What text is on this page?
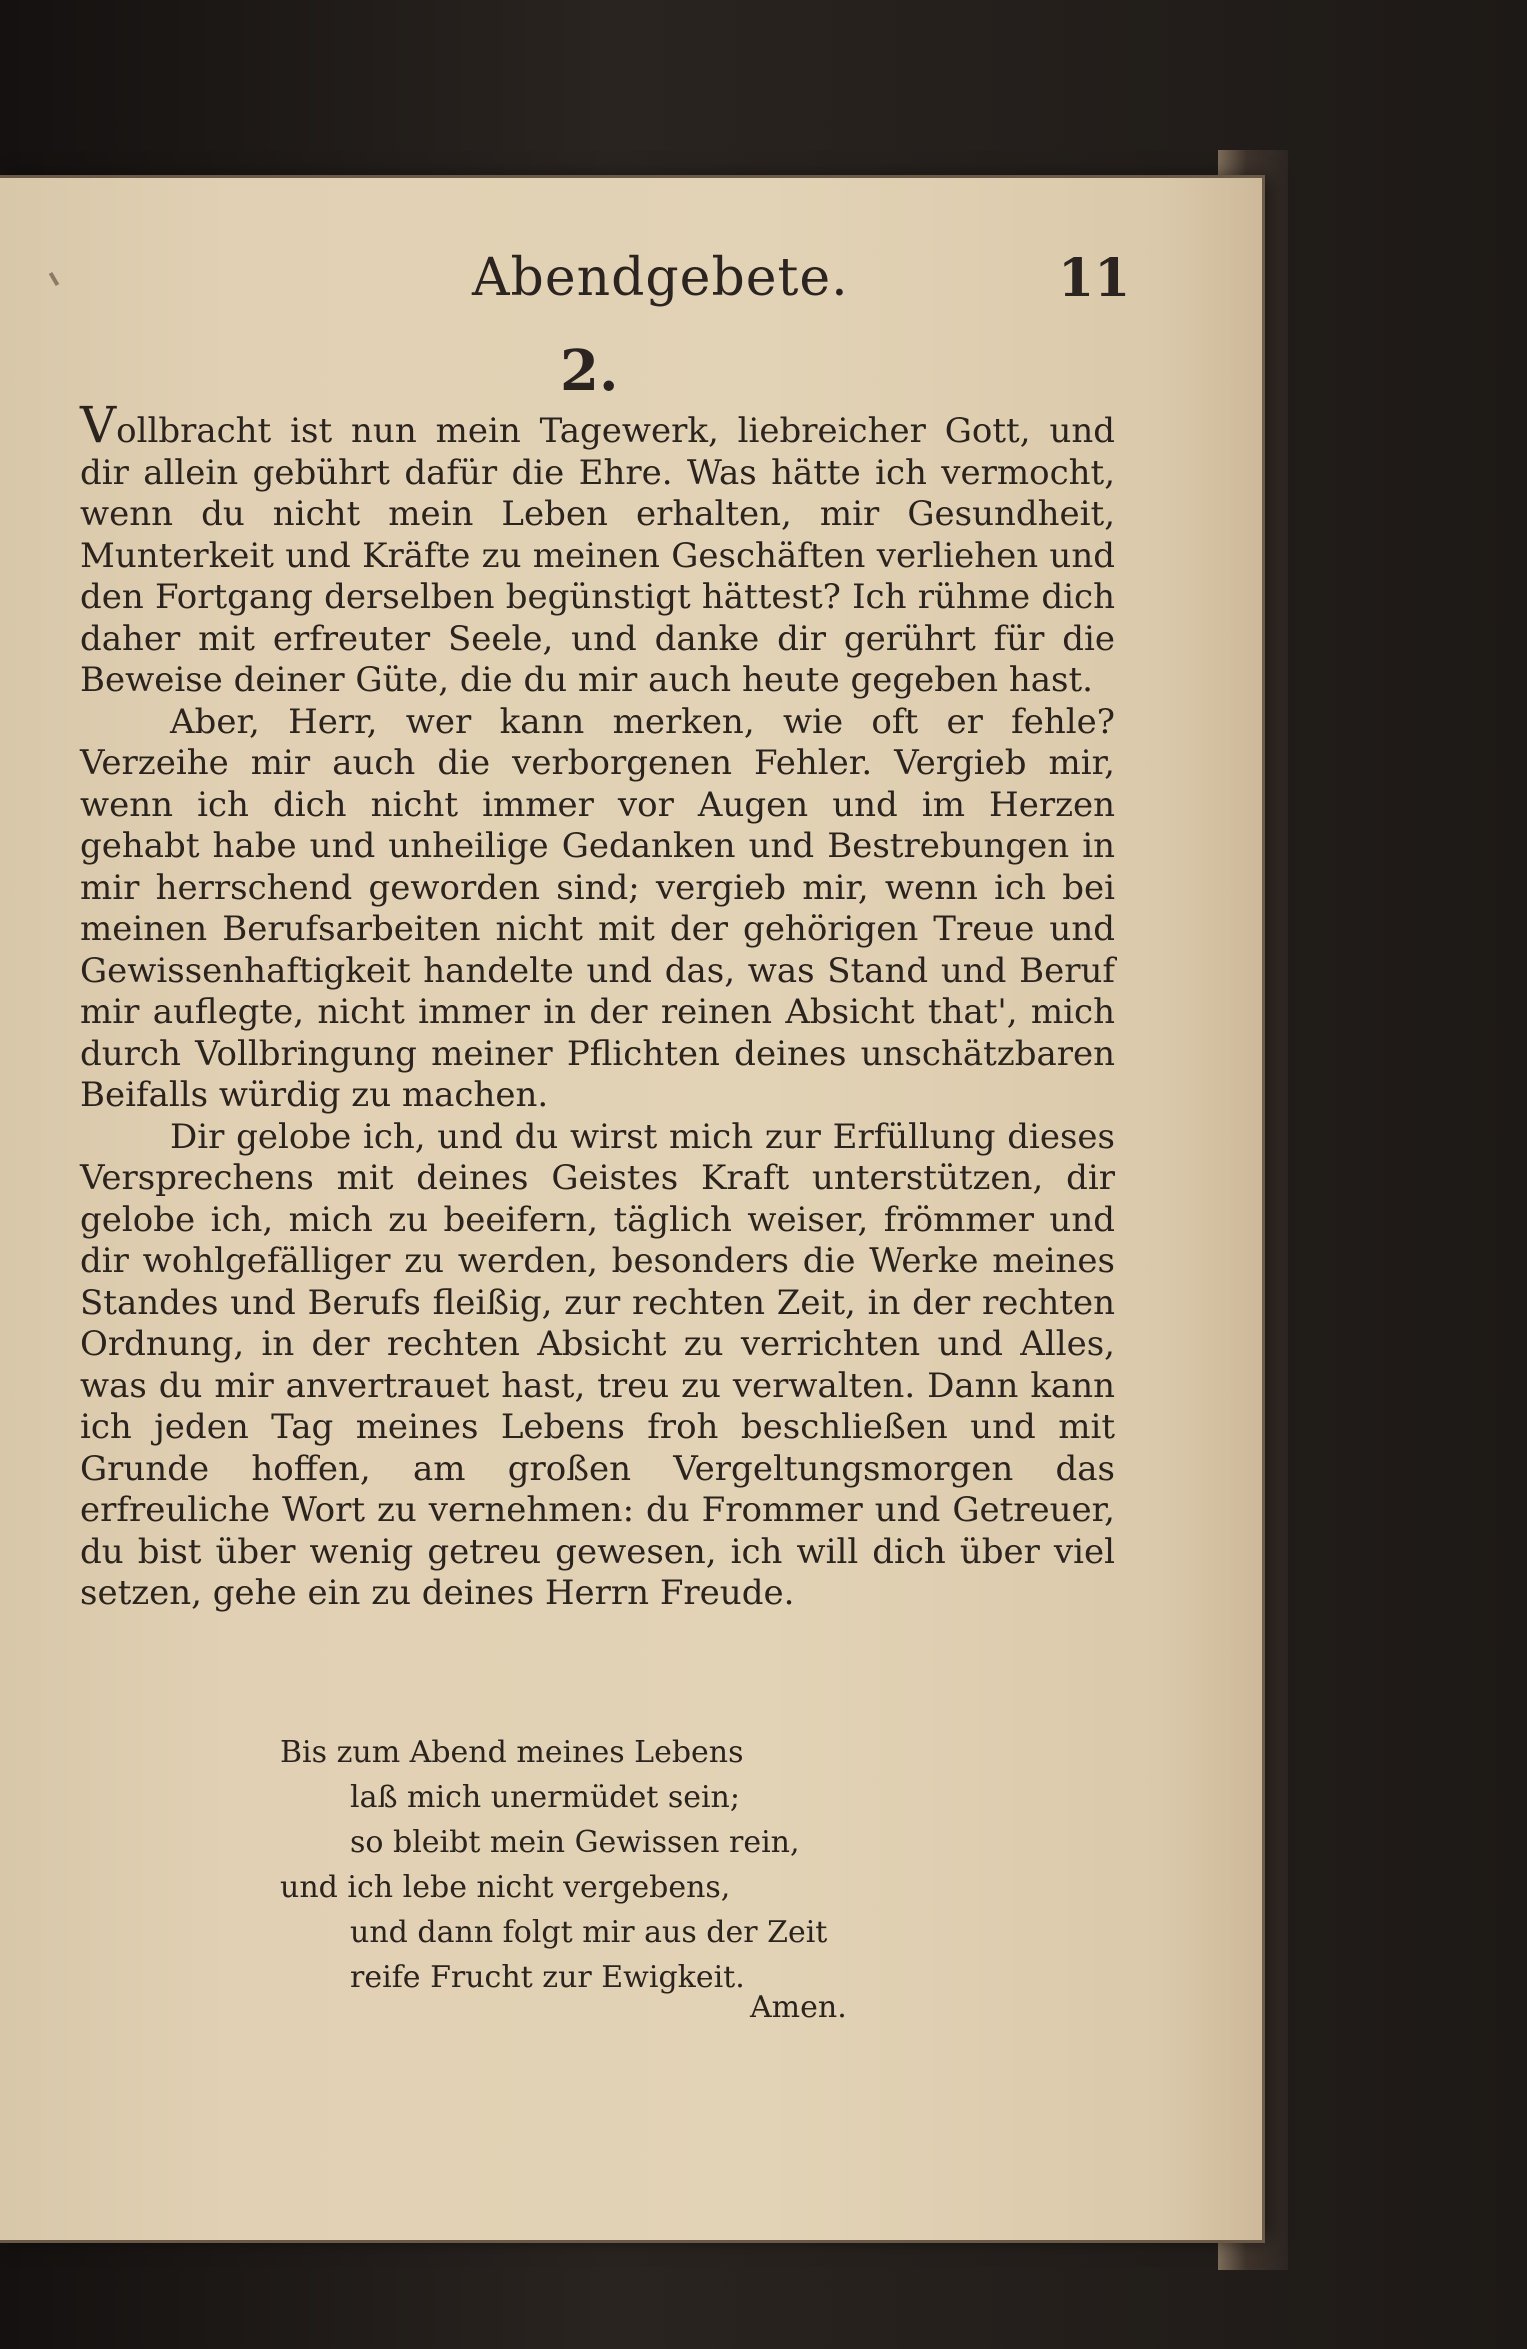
Abendgebete.	11
2.

Vollbracht ist nun mein Tagewerk, liebreicher Gott, und dir allein gebührt dafür die Ehre. Was hätte ich vermocht, wenn du nicht mein Leben erhalten, mir Gesundheit, Munterkeit und Kräfte zu meinen Geschäften verliehen und den Fortgang derselben begünstigt hättest? Ich rühme dich daher mit erfreuter Seele, und danke dir gerührt für die Beweise deiner Güte, die du mir auch heute gegeben hast.

Aber, Herr, wer kann merken, wie oft er fehle? Verzeihe mir auch die verborgenen Fehler. Vergieb mir, wenn ich dich nicht immer vor Augen und im Herzen gehabt habe und unheilige Gedanken und Bestrebungen in mir herrschend geworden sind; vergieb mir, wenn ich bei meinen Berufsarbeiten nicht mit der gehörigen Treue und Gewissenhaftigkeit handelte und das, was Stand und Beruf mir auflegte, nicht immer in der reinen Absicht that', mich durch Vollbringung meiner Pflichten deines unschätzbaren Beifalls würdig zu machen.

Dir gelobe ich, und du wirst mich zur Erfüllung dieses Versprechens mit deines Geistes Kraft unterstützen, dir gelobe ich, mich zu beeifern, täglich weiser, frömmer und dir wohlgefälliger zu werden, besonders die Werke meines Standes und Berufs fleißig, zur rechten Zeit, in der rechten Ordnung, in der rechten Absicht zu verrichten und Alles, was du mir anvertrauet hast, treu zu verwalten. Dann kann ich jeden Tag meines Lebens froh beschließen und mit Grunde hoffen, am großen Vergeltungsmorgen das erfreuliche Wort zu vernehmen: du Frommer und Getreuer, du bist über wenig getreu gewesen, ich will dich über viel setzen, gehe ein zu deines Herrn Freude.

Bis zum Abend meines Lebens
laß mich unermüdet sein;
so bleibt mein Gewissen rein,
und ich lebe nicht vergebens,
und dann folgt mir aus der Zeit
reife Frucht zur Ewigkeit.
Amen.
